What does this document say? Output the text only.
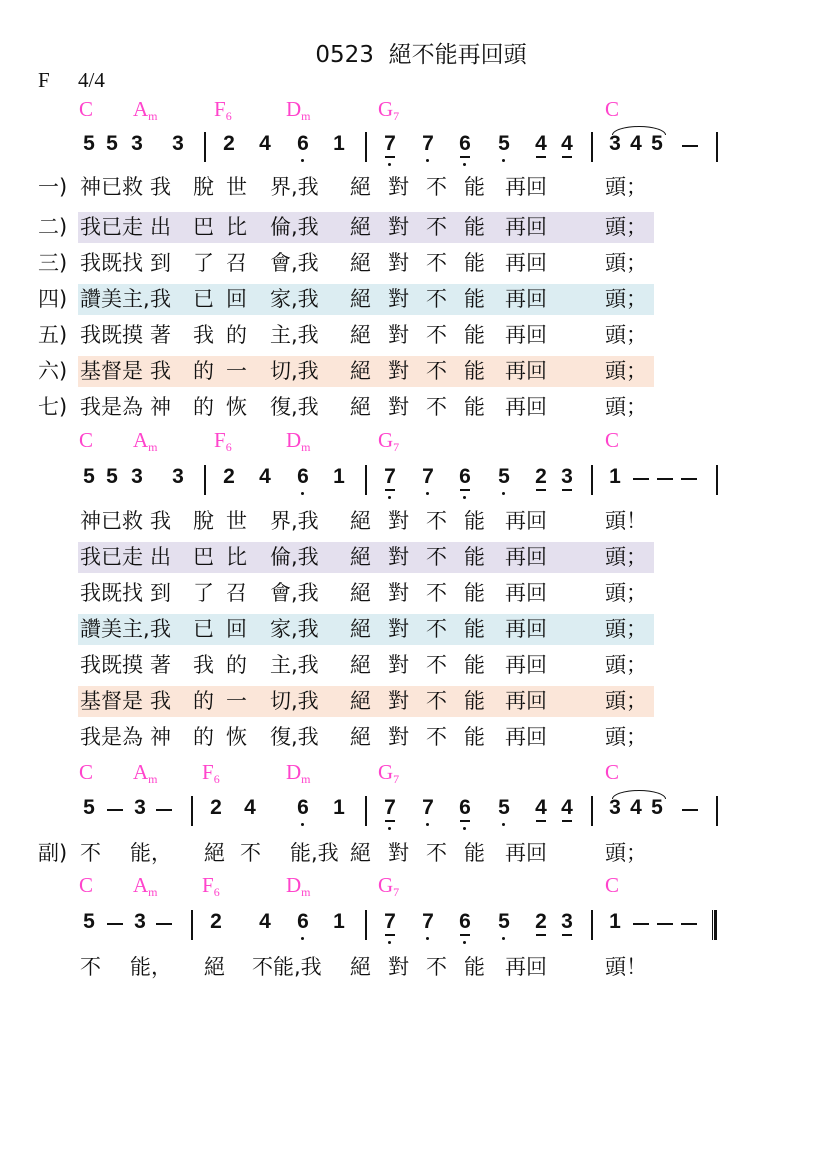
0523 絕不能再回頭
F 4/4
C $A_m$	$F_6$	$D_m$	$G_7$	C
5 5 3 3 2 4 6 1 7 7 6 5 4 4 3 4 5
一) 神已救 我 脫 世 界,我 絕 對 不 能 再回	頭；
二) 我已走 出 巴 比 倫,我 絕 對 不 能 再回	頭；
三) 我既找 到 了 召 會,我 絕 對 不 能 再回	頭；
四) 讚美主, 我 已 回 家,我 絕 對 不 能 再回	頭；
五) 我既摸 著 我 的 主,我 絕 對 不 能 再回	頭；
六) 基督是 我 的 一 切,我 絕 對 不 能 再回	頭；
七) 我是為 神 的 恢 復,我 絕 對 不 能 再回	頭；
C $A_m$	$F_6$	$D_m$	$G_7$	C
5 5 3 3 2 4 6 1 7 7 6 5 2 3 1
神已救 我 脫 世 界,我 絕 對 不 能 再回	頭！
我已走 出 巴 比 倫,我 絕 對 不 能 再回	頭；
我既找 到 了 召 會,我 絕 對 不 能 再回	頭；
讚美主, 我 已 回 家,我 絕 對 不 能 再回	頭；
我既摸 著 我 的 主,我 絕 對 不 能 再回	頭；
基督是 我 的 一 切,我 絕 對 不 能 再回	頭；
我是為 神 的 恢 復,我 絕 對 不 能 再回	頭；
C $A_m$ $F_6$	$D_m$	$G_7$	C
5 3	2 4 6 1 7 7 6 5 4 4 3 4 5
副) 不 能， 絕 不 能,我 絕 對 不 能 再回	頭；
C $A_m$ $F_6$	$D_m$	$G_7$	C
5 3	2 4 6 1 7 7 6 5 2 3 1
不 能， 絕 不能,我 絕 對 不 能 再回	頭！
